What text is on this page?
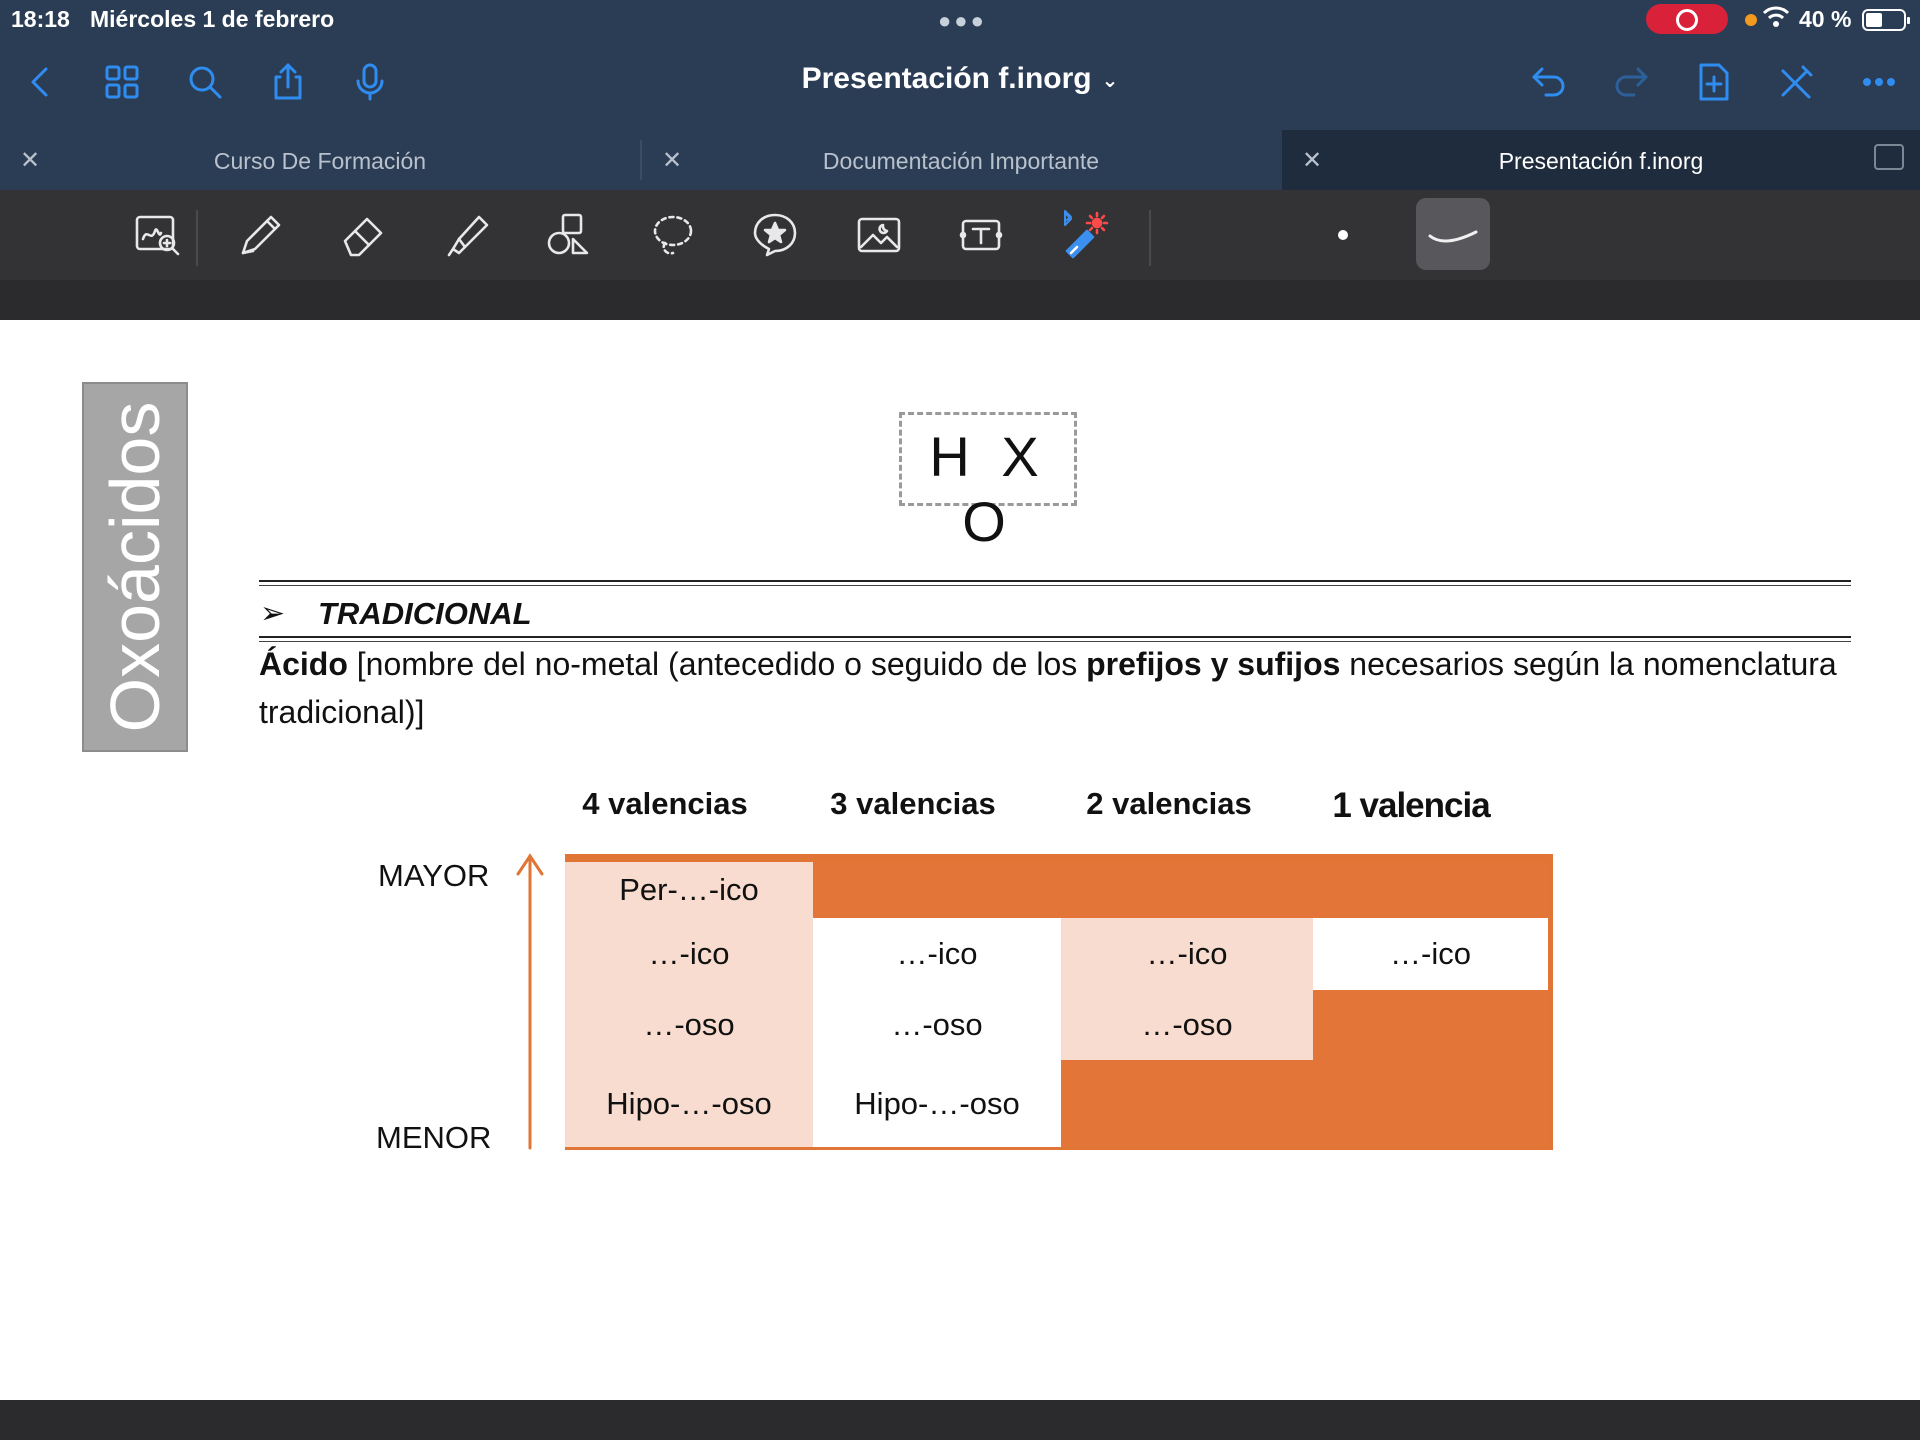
18:18 Miércoles 1 de febrero	●●●	40 %
Presentación f.inorg ⌄
✕	Curso De Formación	✕	Documentación Importante	✕	Presentación f.inorg
Oxoácidos	H X O
➢ TRADICIONAL
Ácido [nombre del no-metal (antecedido o seguido de los prefijos y sufijos necesarios según la nomenclatura tradicional)]
4 valencias	3 valencias	2 valencias	1 valencia
MAYOR
MENOR
Per-…-ico
…-ico	…-ico	…-ico	…-ico
…-oso	…-oso	…-oso
Hipo-…-oso	Hipo-…-oso
